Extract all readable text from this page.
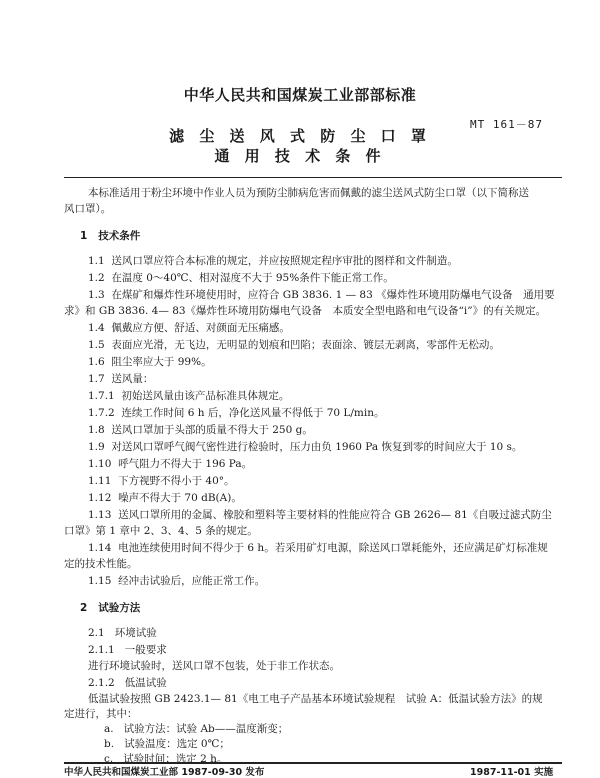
中华人民共和国煤炭工业部部标准
MT 161－87
滤 尘 送 风 式 防 尘 口 罩
通 用 技 术 条 件
本标准适用于粉尘环境中作业人员为预防尘肺病危害而佩戴的滤尘送风式防尘口罩（以下简称送
风口罩）。
1 技术条件
1.1 送风口罩应符合本标准的规定，并应按照规定程序审批的图样和文件制造。
1.2 在温度 0～40℃、相对湿度不大于 95%条件下能正常工作。
1.3 在煤矿和爆炸性环境使用时，应符合 GB 3836. 1 — 83 《爆炸性环境用防爆电气设备　通用要
求》和 GB 3836. 4— 83《爆炸性环境用防爆电气设备　本质安全型电路和电气设备“i”》的有关规定。
1.4 佩戴应方便、舒适、对颜面无压痛感。
1.5 表面应光滑，无飞边，无明显的划痕和凹陷；表面涂、镀层无剥离，零部件无松动。
1.6 阻尘率应大于 99%。
1.7 送风量：
1.7.1 初始送风量由该产品标准具体规定。
1.7.2 连续工作时间 6 h 后，净化送风量不得低于 70 L/min。
1.8 送风口罩加于头部的质量不得大于 250 g。
1.9 对送风口罩呼气阀气密性进行检验时，压力由负 1960 Pa 恢复到零的时间应大于 10 s。
1.10 呼气阻力不得大于 196 Pa。
1.11 下方视野不得小于 40°。
1.12 噪声不得大于 70 dB(A)。
1.13 送风口罩所用的金属、橡胶和塑料等主要材料的性能应符合 GB 2626— 81《自吸过滤式防尘
口罩》第 1 章中 2、3、4、5 条的规定。
1.14 电池连续使用时间不得少于 6 h。若采用矿灯电源，除送风口罩耗能外，还应满足矿灯标准规
定的技术性能。
1.15 经冲击试验后，应能正常工作。
2 试验方法
2.1 环境试验
2.1.1 一般要求
进行环境试验时，送风口罩不包装，处于非工作状态。
2.1.2 低温试验
低温试验按照 GB 2423.1— 81《电工电子产品基本环境试验规程　试验 A：低温试验方法》的规
定进行，其中：
a. 试验方法：试验 Ab——温度渐变；
b. 试验温度：选定 0℃；
c. 试验时间：选定 2 h。
中华人民共和国煤炭工业部 1987-09-30 发布	1987-11-01 实施
